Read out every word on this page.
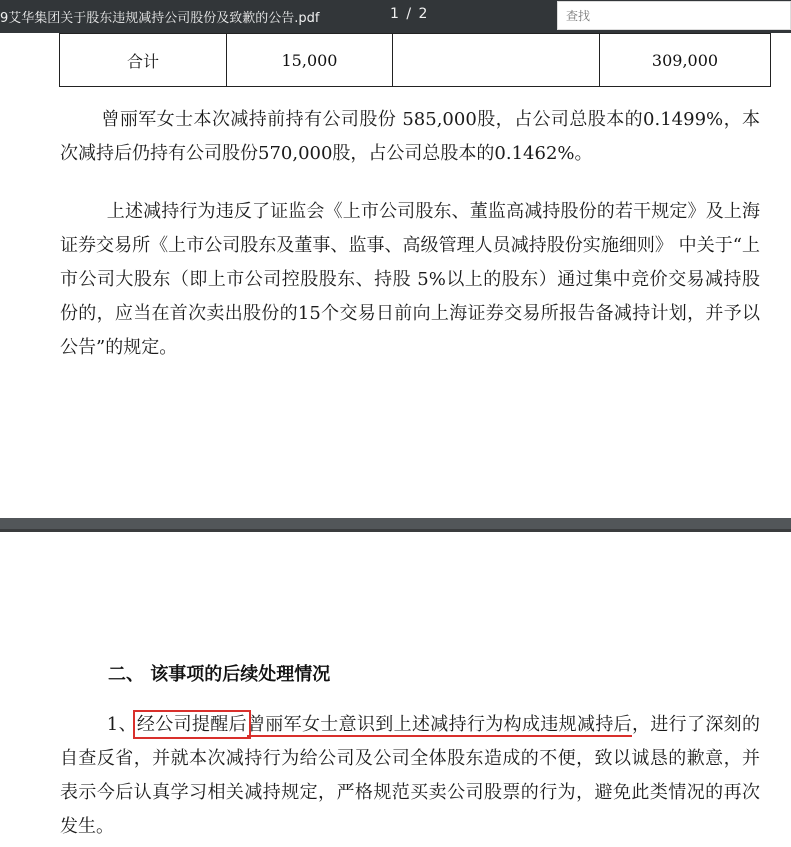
9艾华集团关于股东违规减持公司股份及致歉的公告.pdf	1 / 2
查找
合计	15,000		309,000

曾丽军女士本次减持前持有公司股份 585,000股，占公司总股本的0.1499%，本次减持后仍持有公司股份570,000股，占公司总股本的0.1462%。

上述减持行为违反了证监会《上市公司股东、董监高减持股份的若干规定》及上海证券交易所《上市公司股东及董事、监事、高级管理人员减持股份实施细则》 中关于“上市公司大股东（即上市公司控股股东、持股 5%以上的股东）通过集中竞价交易减持股份的，应当在首次卖出股份的15个交易日前向上海证券交易所报告备减持计划，并予以公告”的规定。

二、 该事项的后续处理情况

1、经公司提醒后曾丽军女士意识到上述减持行为构成违规减持后，进行了深刻的自查反省，并就本次减持行为给公司及公司全体股东造成的不便，致以诚恳的歉意，并表示今后认真学习相关减持规定，严格规范买卖公司股票的行为，避免此类情况的再次发生。
